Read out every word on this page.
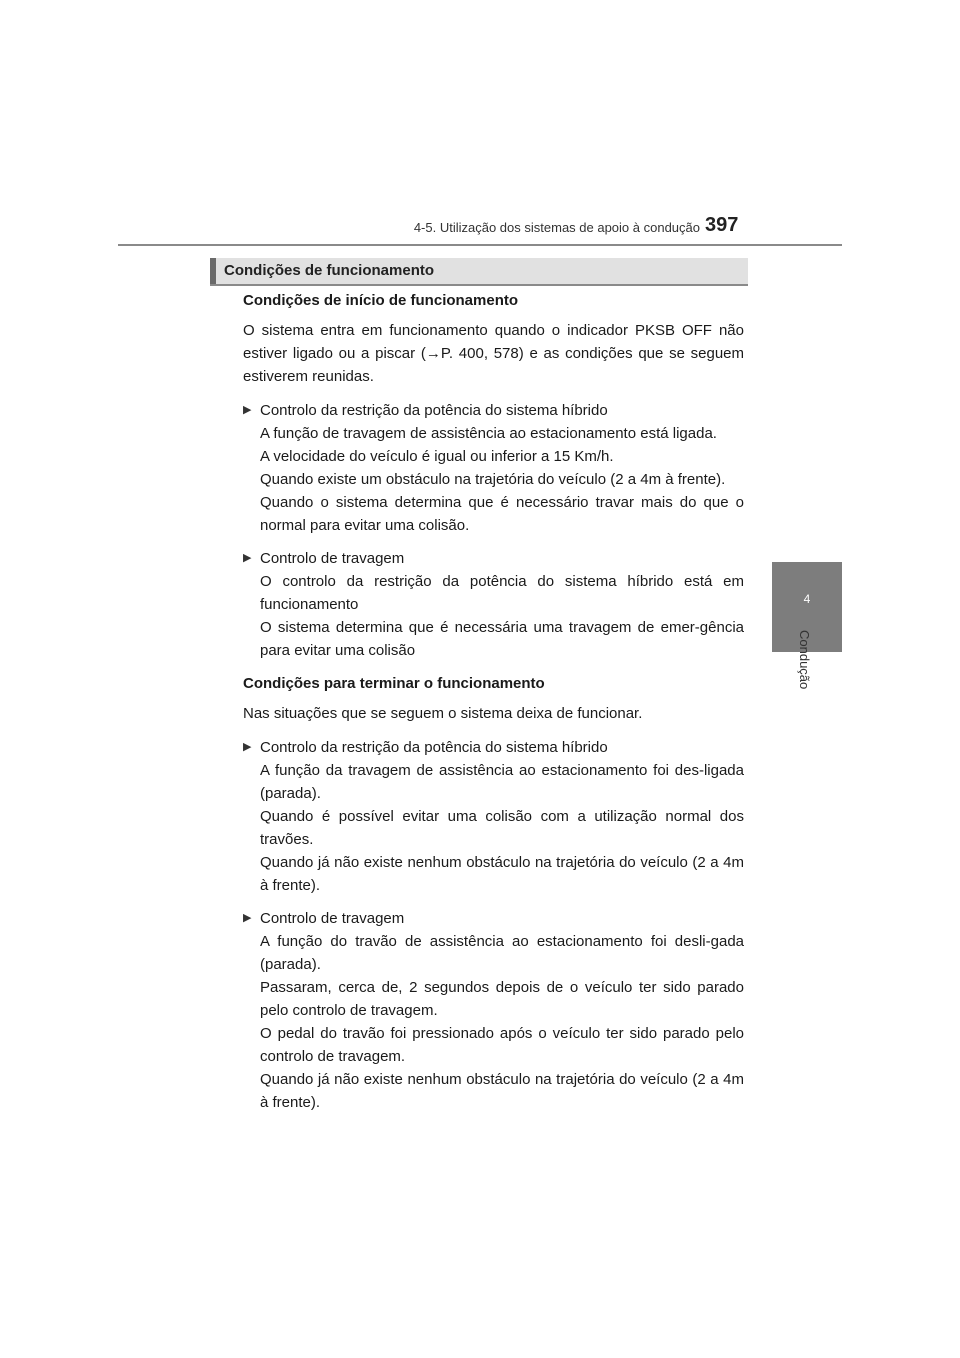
4-5. Utilização dos sistemas de apoio à condução 397
4
Condução
Condições de funcionamento
Condições de início de funcionamento
O sistema entra em funcionamento quando o indicador PKSB OFF não estiver ligado ou a piscar (→P. 400, 578) e as condições que se seguem estiverem reunidas.
▶ Controlo da restrição da potência do sistema híbrido
A função de travagem de assistência ao estacionamento está ligada.
A velocidade do veículo é igual ou inferior a 15 Km/h.
Quando existe um obstáculo na trajetória do veículo (2 a 4m à frente).
Quando o sistema determina que é necessário travar mais do que o normal para evitar uma colisão.
▶ Controlo de travagem
O controlo da restrição da potência do sistema híbrido está em funcionamento
O sistema determina que é necessária uma travagem de emer-gência para evitar uma colisão
Condições para terminar o funcionamento
Nas situações que se seguem o sistema deixa de funcionar.
▶ Controlo da restrição da potência do sistema híbrido
A função da travagem de assistência ao estacionamento foi des-ligada (parada).
Quando é possível evitar uma colisão com a utilização normal dos travões.
Quando já não existe nenhum obstáculo na trajetória do veículo (2 a 4m à frente).
▶ Controlo de travagem
A função do travão de assistência ao estacionamento foi desli-gada (parada).
Passaram, cerca de, 2 segundos depois de o veículo ter sido parado pelo controlo de travagem.
O pedal do travão foi pressionado após o veículo ter sido parado pelo controlo de travagem.
Quando já não existe nenhum obstáculo na trajetória do veículo (2 a 4m à frente).
